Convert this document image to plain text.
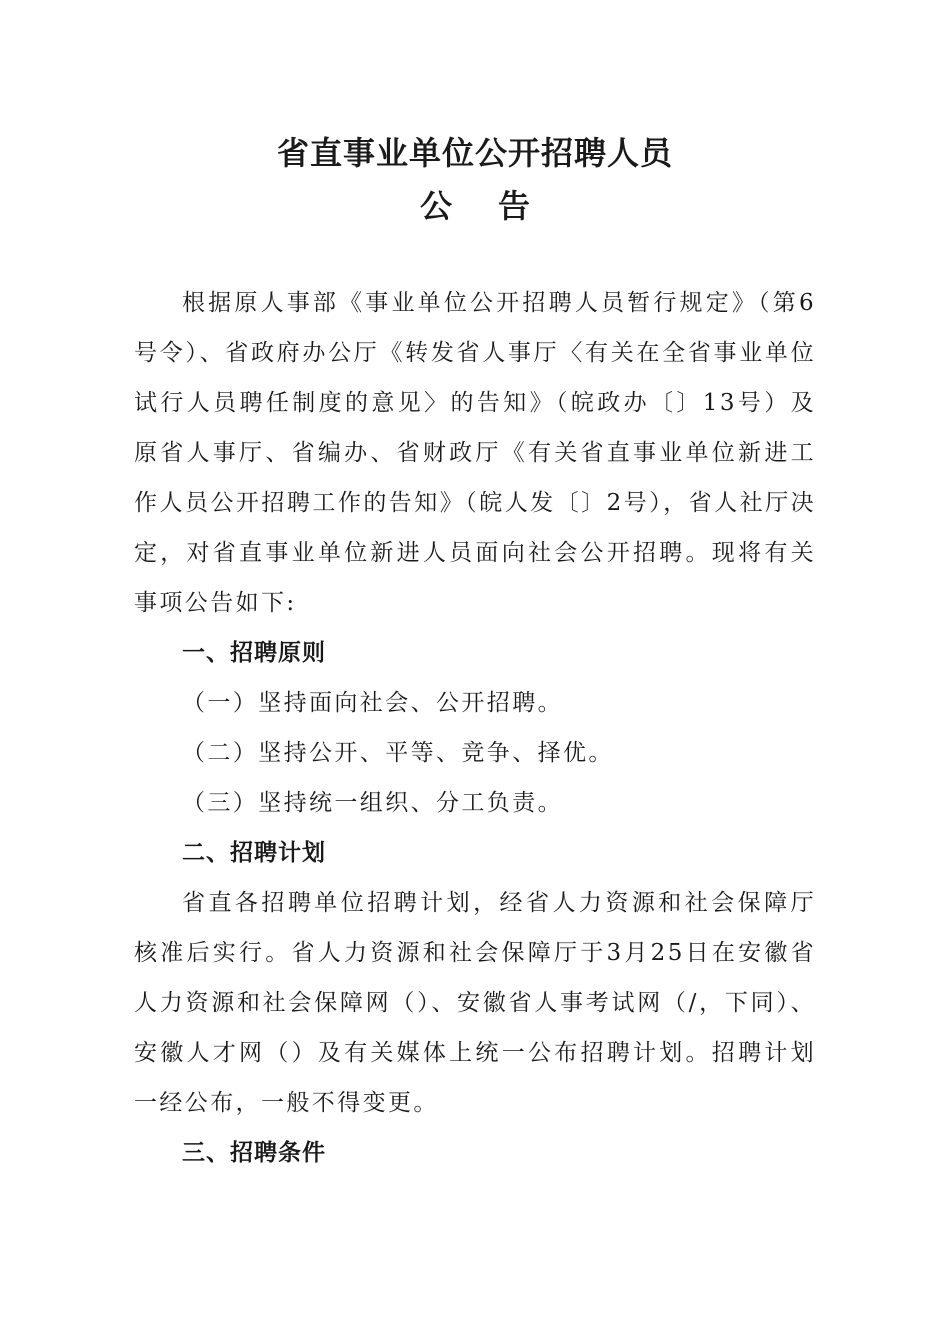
省直事业单位公开招聘人员
公告

根据原人事部《事业单位公开招聘人员暂行规定》（第6号令）、省政府办公厅《转发省人事厅〈有关在全省事业单位试行人员聘任制度的意见〉的告知》（皖政办〔〕13号）及原省人事厅、省编办、省财政厅《有关省直事业单位新进工作人员公开招聘工作的告知》（皖人发〔〕2号），省人社厅决定，对省直事业单位新进人员面向社会公开招聘。现将有关事项公告如下:

一、招聘原则

（一）坚持面向社会、公开招聘。

（二）坚持公开、平等、竞争、择优。

（三）坚持统一组织、分工负责。

二、招聘计划

省直各招聘单位招聘计划，经省人力资源和社会保障厅核准后实行。省人力资源和社会保障厅于3月25日在安徽省人力资源和社会保障网（）、安徽省人事考试网（/，下同）、安徽人才网（）及有关媒体上统一公布招聘计划。招聘计划一经公布，一般不得变更。

三、招聘条件
